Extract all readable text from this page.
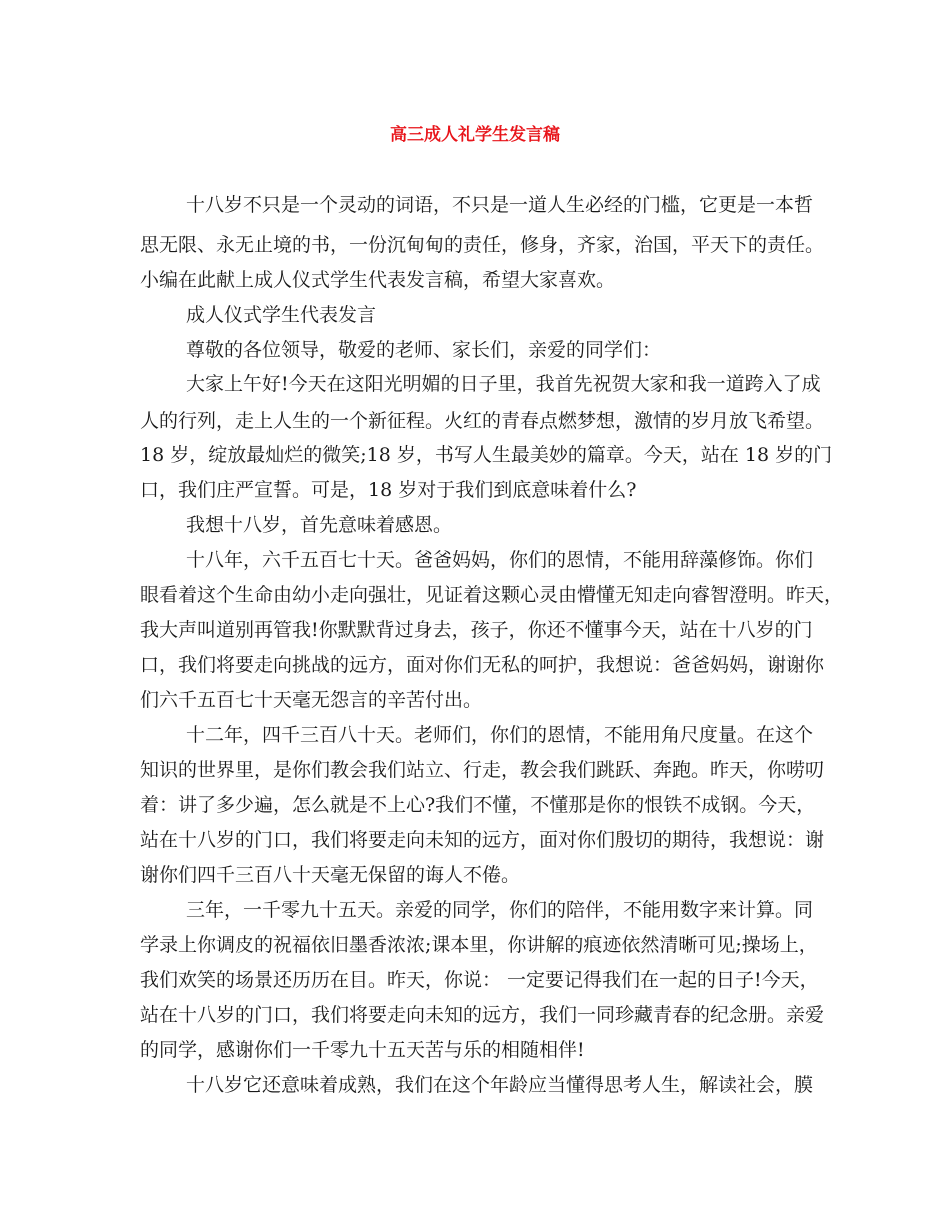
高三成人礼学生发言稿

十八岁不只是一个灵动的词语，不只是一道人生必经的门槛，它更是一本哲

思无限、永无止境的书，一份沉甸甸的责任，修身，齐家，治国，平天下的责任。

小编在此献上成人仪式学生代表发言稿，希望大家喜欢。

成人仪式学生代表发言

尊敬的各位领导，敬爱的老师、家长们，亲爱的同学们：

大家上午好!今天在这阳光明媚的日子里，我首先祝贺大家和我一道跨入了成

人的行列，走上人生的一个新征程。火红的青春点燃梦想，激情的岁月放飞希望。

18 岁，绽放最灿烂的微笑;18 岁，书写人生最美妙的篇章。今天，站在 18 岁的门

口，我们庄严宣誓。可是，18 岁对于我们到底意味着什么?

我想十八岁，首先意味着感恩。

十八年，六千五百七十天。爸爸妈妈，你们的恩情，不能用辞藻修饰。你们

眼看着这个生命由幼小走向强壮，见证着这颗心灵由懵懂无知走向睿智澄明。昨天，

我大声叫道别再管我!你默默背过身去，孩子，你还不懂事今天，站在十八岁的门

口，我们将要走向挑战的远方，面对你们无私的呵护，我想说：爸爸妈妈，谢谢你

们六千五百七十天毫无怨言的辛苦付出。

十二年，四千三百八十天。老师们，你们的恩情，不能用角尺度量。在这个

知识的世界里，是你们教会我们站立、行走，教会我们跳跃、奔跑。昨天，你唠叨

着：讲了多少遍，怎么就是不上心?我们不懂，不懂那是你的恨铁不成钢。今天，

站在十八岁的门口，我们将要走向未知的远方，面对你们殷切的期待，我想说：谢

谢你们四千三百八十天毫无保留的诲人不倦。

三年，一千零九十五天。亲爱的同学，你们的陪伴，不能用数字来计算。同

学录上你调皮的祝福依旧墨香浓浓;课本里，你讲解的痕迹依然清晰可见;操场上，

我们欢笑的场景还历历在目。昨天，你说： 一定要记得我们在一起的日子!今天，

站在十八岁的门口，我们将要走向未知的远方，我们一同珍藏青春的纪念册。亲爱

的同学，感谢你们一千零九十五天苦与乐的相随相伴!

十八岁它还意味着成熟，我们在这个年龄应当懂得思考人生，解读社会，膜
